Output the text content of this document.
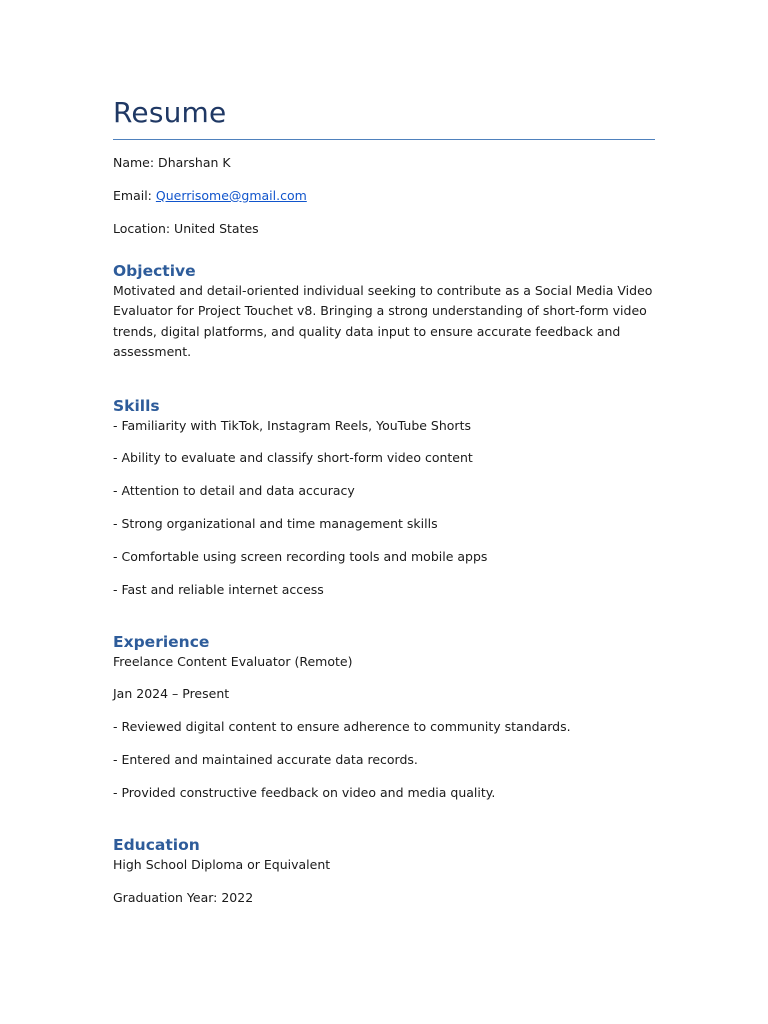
Resume

Name: Dharshan K

Email: Querrisome@gmail.com

Location: United States

Objective

Motivated and detail-oriented individual seeking to contribute as a Social Media Video Evaluator for Project Touchet v8. Bringing a strong understanding of short-form video trends, digital platforms, and quality data input to ensure accurate feedback and assessment.

Skills

- Familiarity with TikTok, Instagram Reels, YouTube Shorts

- Ability to evaluate and classify short-form video content

- Attention to detail and data accuracy

- Strong organizational and time management skills

- Comfortable using screen recording tools and mobile apps

- Fast and reliable internet access

Experience

Freelance Content Evaluator (Remote)

Jan 2024 – Present

- Reviewed digital content to ensure adherence to community standards.

- Entered and maintained accurate data records.

- Provided constructive feedback on video and media quality.

Education

High School Diploma or Equivalent

Graduation Year: 2022
